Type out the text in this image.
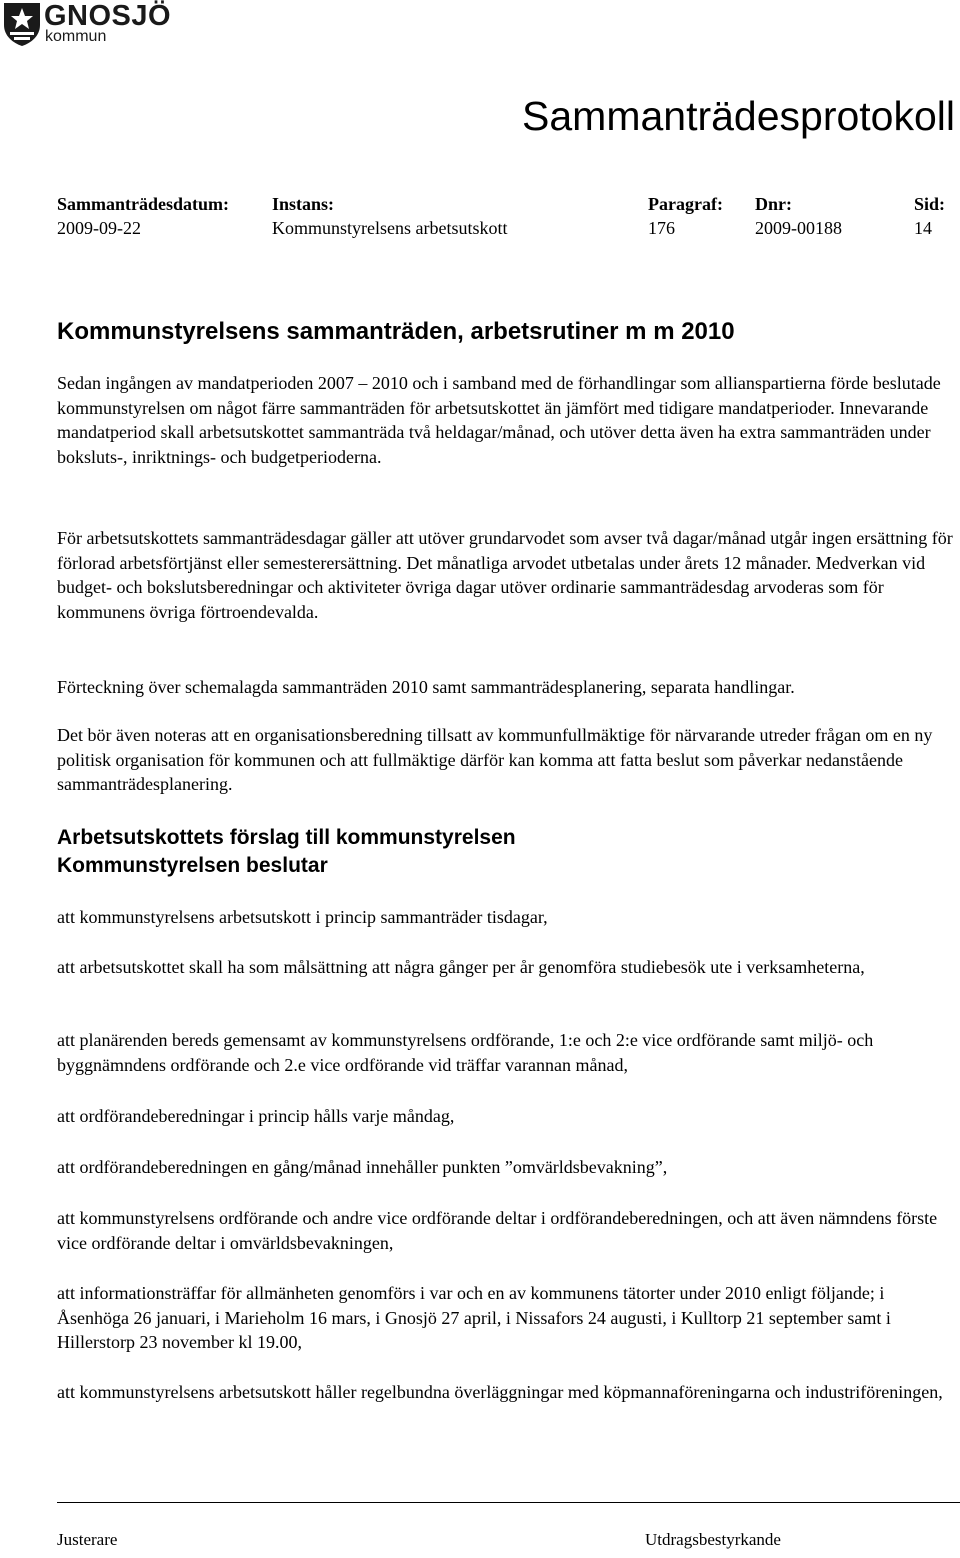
GNOSJÖ
kommun
Sammanträdesprotokoll
Sammanträdesdatum:
2009-09-22
Instans:
Kommunstyrelsens arbetsutskott
Paragraf:
176
Dnr:
2009-00188
Sid:
14
Kommunstyrelsens sammanträden, arbetsrutiner m m 2010

Sedan ingången av mandatperioden 2007 – 2010 och i samband med de förhandlingar som allianspartierna förde beslutade kommunstyrelsen om något färre sammanträden för arbetsutskottet än jämfört med tidigare mandatperioder. Innevarande mandatperiod skall arbetsutskottet sammanträda två heldagar/månad, och utöver detta även ha extra sammanträden under boksluts-, inriktnings- och budgetperioderna.

För arbetsutskottets sammanträdesdagar gäller att utöver grundarvodet som avser två dagar/månad utgår ingen ersättning för förlorad arbetsförtjänst eller semesterersättning. Det månatliga arvodet utbetalas under årets 12 månader. Medverkan vid budget- och bokslutsberedningar och aktiviteter övriga dagar utöver ordinarie sammanträdesdag arvoderas som för kommunens övriga förtroendevalda.

Förteckning över schemalagda sammanträden 2010 samt sammanträdesplanering, separata handlingar.

Det bör även noteras att en organisationsberedning tillsatt av kommunfullmäktige för närvarande utreder frågan om en ny politisk organisation för kommunen och att fullmäktige därför kan komma att fatta beslut som påverkar nedanstående sammanträdesplanering.

Arbetsutskottets förslag till kommunstyrelsen
Kommunstyrelsen beslutar

att kommunstyrelsens arbetsutskott i princip sammanträder tisdagar,

att arbetsutskottet skall ha som målsättning att några gånger per år genomföra studiebesök ute i verksamheterna,

att planärenden bereds gemensamt av kommunstyrelsens ordförande, 1:e och 2:e vice ordförande samt miljö- och byggnämndens ordförande och 2.e vice ordförande vid träffar varannan månad,

att ordförandeberedningar i princip hålls varje måndag,

att ordförandeberedningen en gång/månad innehåller punkten ”omvärldsbevakning”,

att kommunstyrelsens ordförande och andre vice ordförande deltar i ordförandeberedningen, och att även nämndens förste vice ordförande deltar i omvärldsbevakningen,

att informationsträffar för allmänheten genomförs i var och en av kommunens tätorter under 2010 enligt följande; i Åsenhöga 26 januari, i Marieholm 16 mars, i Gnosjö 27 april, i Nissafors 24 augusti, i Kulltorp 21 september samt i Hillerstorp 23 november kl 19.00,

att kommunstyrelsens arbetsutskott håller regelbundna överläggningar med köpmannaföreningarna och industriföreningen,

Justerare	Utdragsbestyrkande
